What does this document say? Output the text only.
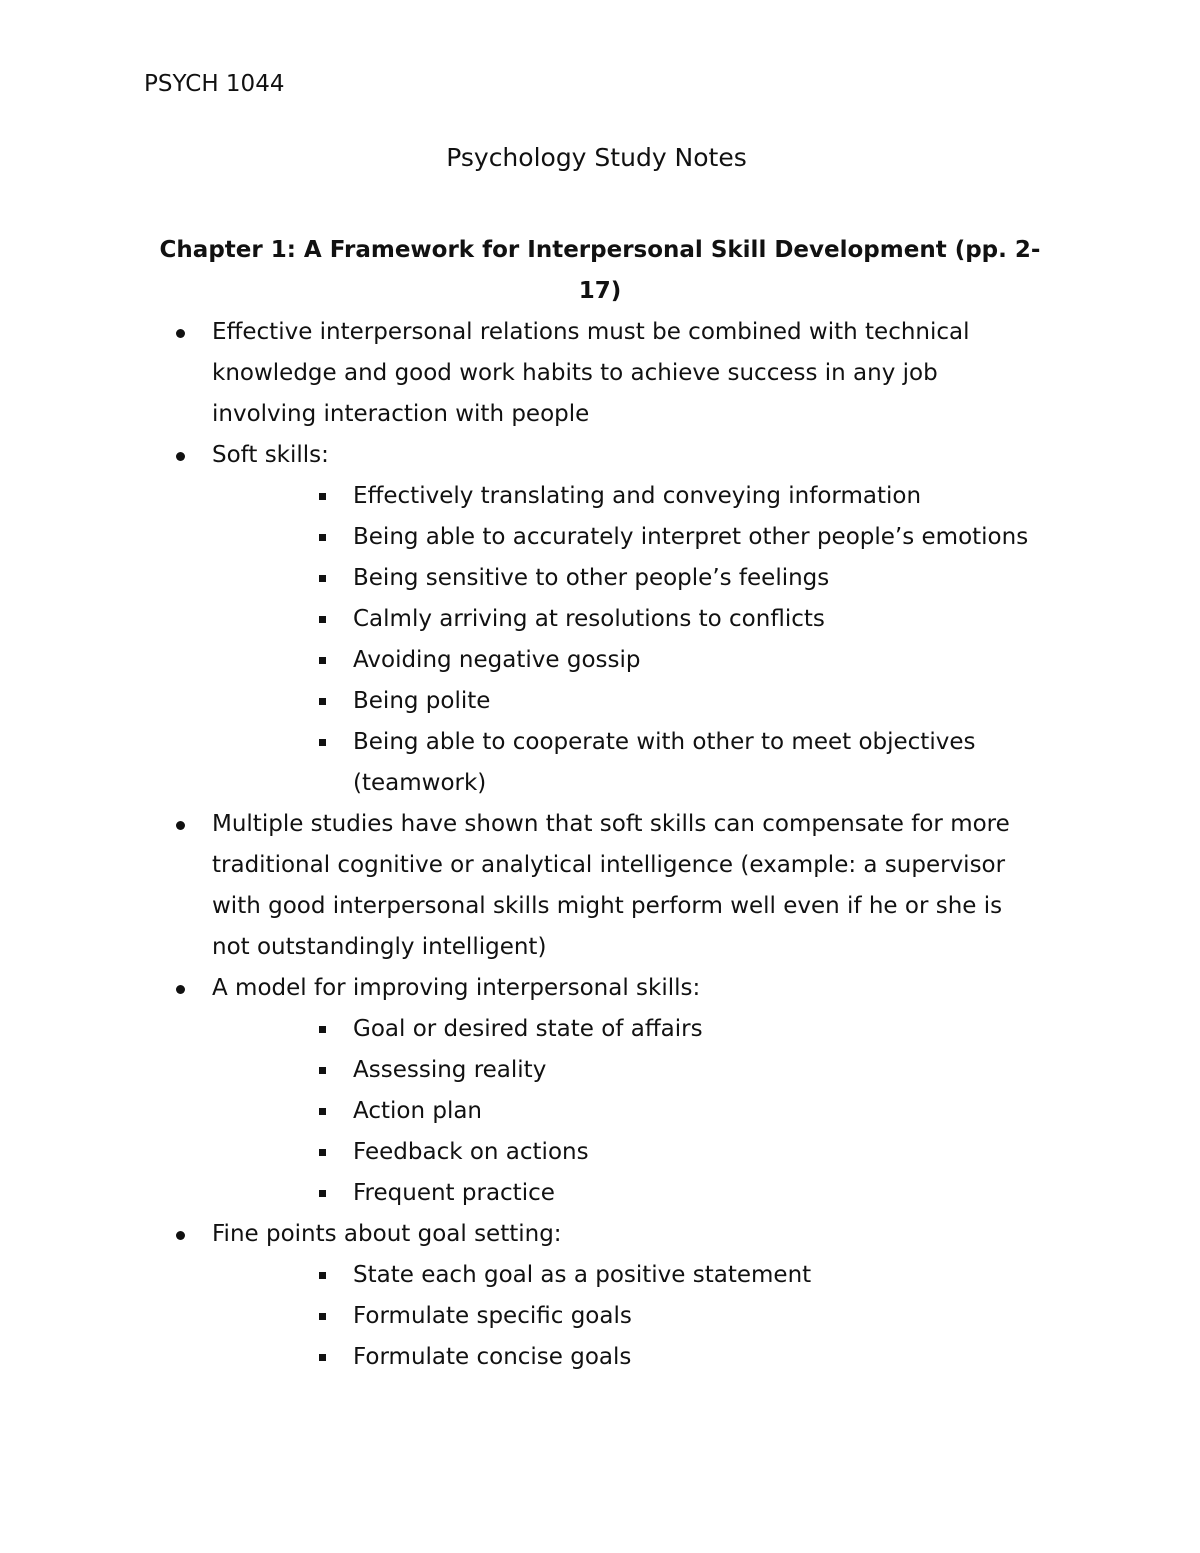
PSYCH 1044

Psychology Study Notes
Chapter 1: A Framework for Interpersonal Skill Development (pp. 2-
17)
Effective interpersonal relations must be combined with technical knowledge and good work habits to achieve success in any job involving interaction with people
Soft skills:
Effectively translating and conveying information
Being able to accurately interpret other people’s emotions
Being sensitive to other people’s feelings
Calmly arriving at resolutions to conflicts
Avoiding negative gossip
Being polite
Being able to cooperate with other to meet objectives (teamwork)
Multiple studies have shown that soft skills can compensate for more traditional cognitive or analytical intelligence (example: a supervisor with good interpersonal skills might perform well even if he or she is not outstandingly intelligent)
A model for improving interpersonal skills:
Goal or desired state of affairs
Assessing reality
Action plan
Feedback on actions
Frequent practice
Fine points about goal setting:
State each goal as a positive statement
Formulate specific goals
Formulate concise goals
